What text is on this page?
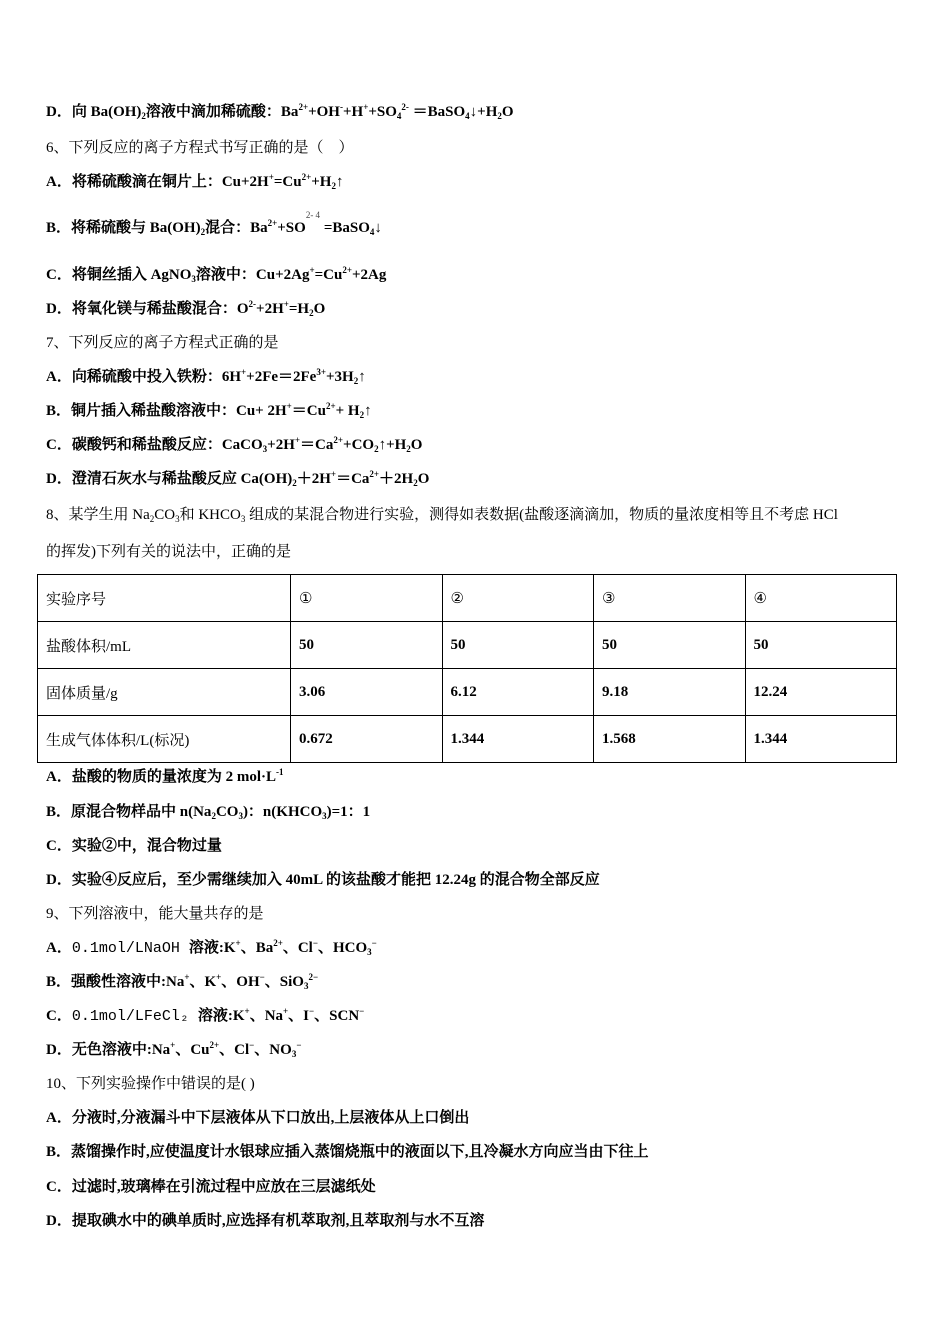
D．向 $Ba(OH)_2$溶液中滴加稀硫酸：$Ba^{2+}+OH^-+H^++SO_4^{2-}$ $=BaSO_4↓+H_2O$
6、下列反应的离子方程式书写正确的是（　）
A．将稀硫酸滴在铜片上：$Cu+2H^+=Cu^{2+}+H_2↑$
B．将稀硫酸与 $Ba(OH)_2$混合：$Ba^{2+}+SO^{2- 4}$ =BaSO$_4$↓
C．将铜丝插入 AgNO$_3$溶液中：$Cu+2Ag^+=Cu^{2+}+2Ag$
D．将氧化镁与稀盐酸混合：$O^{2-}+2H^+=H_2O$
7、下列反应的离子方程式正确的是
A．向稀硫酸中投入铁粉：$6H^++2Fe=2Fe^{3+}+3H_2↑$
B．铜片插入稀盐酸溶液中：$Cu+ 2H^+=Cu^{2+}+$ $H_2↑$
C．碳酸钙和稀盐酸反应：$CaCO_3+2H^+=Ca^{2+}+CO_2↑+H_2O$
D．澄清石灰水与稀盐酸反应 $Ca(OH)_2+2H^+=Ca^{2+}+2H_2O$
8、某学生用 $Na_2CO_3$和 $KHCO_3$ 组成的某混合物进行实验，测得如表数据(盐酸逐滴滴加，物质的量浓度相等且不考虑 HCl
的挥发)下列有关的说法中，正确的是
实验序号	①	②	③	④
盐酸体积/mL	50	50	50	50
固体质量/g	3.06	6.12	9.18	12.24
生成气体体积/L(标况)	0.672	1.344	1.568	1.344
A．盐酸的物质的量浓度为 2 $mol\cdot L^{-1}$
B．原混合物样品中 $n(Na_2CO_3)$：$n(KHCO_3)=1$：1
C．实验②中，混合物过量
D．实验④反应后，至少需继续加入 40mL 的该盐酸才能把 12.24g 的混合物全部反应
9、下列溶液中，能大量共存的是
A．0.1mol/LNaOH 溶液:K+、$Ba^{2+}$、Cl−、$HCO_3^-$
B．强酸性溶液中:Na+、K+、OH−、SiO$_3^{2-}$
C．0.1mol/LFeCl₂ 溶液:K+、Na+、I−、SCN−
D．无色溶液中:Na+、$Cu^{2+}$、Cl−、$NO_3^-$
10、下列实验操作中错误的是( )
A．分液时,分液漏斗中下层液体从下口放出,上层液体从上口倒出
B．蒸馏操作时,应使温度计水银球应插入蒸馏烧瓶中的液面以下,且冷凝水方向应当由下往上
C．过滤时,玻璃棒在引流过程中应放在三层滤纸处
D．提取碘水中的碘单质时,应选择有机萃取剂,且萃取剂与水不互溶
